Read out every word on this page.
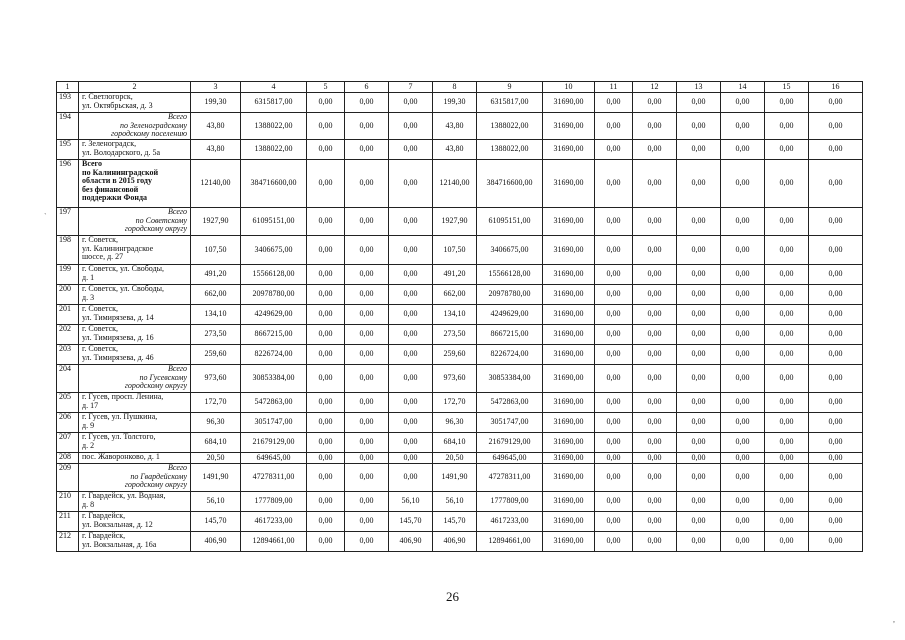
1	2	3	4	5	6	7	8	9	10	11	12	13	14	15	16
193	г. Светлогорск,
ул. Октябрьская, д. 3	199,30	6315817,00	0,00	0,00	0,00	199,30	6315817,00	31690,00	0,00	0,00	0,00	0,00	0,00	0,00
194	Всего
по Зеленоградскому
городскому поселению	43,80	1388022,00	0,00	0,00	0,00	43,80	1388022,00	31690,00	0,00	0,00	0,00	0,00	0,00	0,00
195	г. Зеленоградск,
ул. Володарского, д. 5а	43,80	1388022,00	0,00	0,00	0,00	43,80	1388022,00	31690,00	0,00	0,00	0,00	0,00	0,00	0,00
196	Всего
по Калининградской
области в 2015 году
без финансовой
поддержки Фонда	12140,00	384716600,00	0,00	0,00	0,00	12140,00	384716600,00	31690,00	0,00	0,00	0,00	0,00	0,00	0,00
197	Всего
по Советскому
городскому округу	1927,90	61095151,00	0,00	0,00	0,00	1927,90	61095151,00	31690,00	0,00	0,00	0,00	0,00	0,00	0,00
198	г. Советск,
ул. Калининградское
шоссе, д. 27	107,50	3406675,00	0,00	0,00	0,00	107,50	3406675,00	31690,00	0,00	0,00	0,00	0,00	0,00	0,00
199	г. Советск, ул. Свободы,
д. 1	491,20	15566128,00	0,00	0,00	0,00	491,20	15566128,00	31690,00	0,00	0,00	0,00	0,00	0,00	0,00
200	г. Советск, ул. Свободы,
д. 3	662,00	20978780,00	0,00	0,00	0,00	662,00	20978780,00	31690,00	0,00	0,00	0,00	0,00	0,00	0,00
201	г. Советск,
ул. Тимирязева, д. 14	134,10	4249629,00	0,00	0,00	0,00	134,10	4249629,00	31690,00	0,00	0,00	0,00	0,00	0,00	0,00
202	г. Советск,
ул. Тимирязева, д. 16	273,50	8667215,00	0,00	0,00	0,00	273,50	8667215,00	31690,00	0,00	0,00	0,00	0,00	0,00	0,00
203	г. Советск,
ул. Тимирязева, д. 46	259,60	8226724,00	0,00	0,00	0,00	259,60	8226724,00	31690,00	0,00	0,00	0,00	0,00	0,00	0,00
204	Всего
по Гусевскому
городскому округу	973,60	30853384,00	0,00	0,00	0,00	973,60	30853384,00	31690,00	0,00	0,00	0,00	0,00	0,00	0,00
205	г. Гусев, просп. Ленина,
д. 17	172,70	5472863,00	0,00	0,00	0,00	172,70	5472863,00	31690,00	0,00	0,00	0,00	0,00	0,00	0,00
206	г. Гусев, ул. Пушкина,
д. 9	96,30	3051747,00	0,00	0,00	0,00	96,30	3051747,00	31690,00	0,00	0,00	0,00	0,00	0,00	0,00
207	г. Гусев, ул. Толстого,
д. 2	684,10	21679129,00	0,00	0,00	0,00	684,10	21679129,00	31690,00	0,00	0,00	0,00	0,00	0,00	0,00
208	пос. Жаворонково, д. 1	20,50	649645,00	0,00	0,00	0,00	20,50	649645,00	31690,00	0,00	0,00	0,00	0,00	0,00	0,00
209	Всего
по Гвардейскому
городскому округу	1491,90	47278311,00	0,00	0,00	0,00	1491,90	47278311,00	31690,00	0,00	0,00	0,00	0,00	0,00	0,00
210	г. Гвардейск, ул. Водная,
д. 8	56,10	1777809,00	0,00	0,00	56,10	56,10	1777809,00	31690,00	0,00	0,00	0,00	0,00	0,00	0,00
211	г. Гвардейск,
ул. Вокзальная, д. 12	145,70	4617233,00	0,00	0,00	145,70	145,70	4617233,00	31690,00	0,00	0,00	0,00	0,00	0,00	0,00
212	г. Гвардейск,
ул. Вокзальная, д. 16а	406,90	12894661,00	0,00	0,00	406,90	406,90	12894661,00	31690,00	0,00	0,00	0,00	0,00	0,00	0,00
26
`
,
